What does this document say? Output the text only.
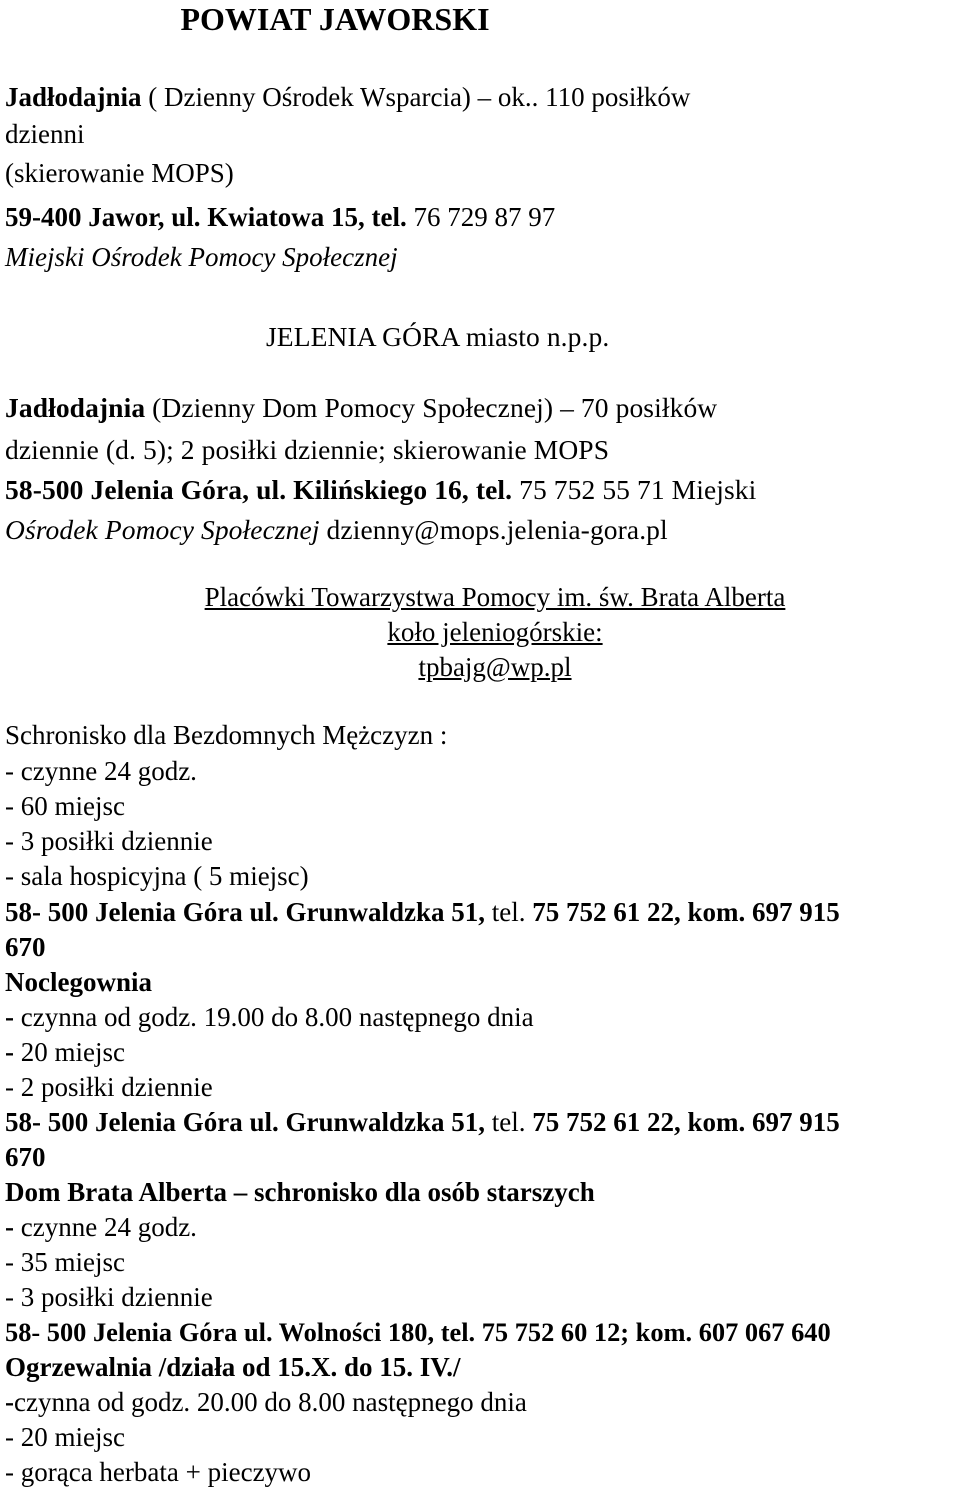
POWIAT JAWORSKI
Jadłodajnia ( Dzienny Ośrodek Wsparcia) – ok.. 110 posiłków
dzienni
(skierowanie MOPS)
59-400 Jawor, ul. Kwiatowa 15, tel. 76 729 87 97
Miejski Ośrodek Pomocy Społecznej
JELENIA GÓRA miasto n.p.p.
Jadłodajnia (Dzienny Dom Pomocy Społecznej) – 70 posiłków
dziennie (d. 5); 2 posiłki dziennie; skierowanie MOPS
58-500 Jelenia Góra, ul. Kilińskiego 16, tel. 75 752 55 71 Miejski
Ośrodek Pomocy Społecznej dzienny@mops.jelenia-gora.pl
Placówki Towarzystwa Pomocy im. św. Brata Alberta
koło jeleniogórskie:
tpbajg@wp.pl
Schronisko dla Bezdomnych Mężczyzn :
- czynne 24 godz.
- 60 miejsc
- 3 posiłki dziennie
- sala hospicyjna ( 5 miejsc)
58- 500 Jelenia Góra ul. Grunwaldzka 51, tel. 75 752 61 22, kom. 697 915
670
Noclegownia
- czynna od godz. 19.00 do 8.00 następnego dnia
- 20 miejsc
- 2 posiłki dziennie
58- 500 Jelenia Góra ul. Grunwaldzka 51, tel. 75 752 61 22, kom. 697 915
670
Dom Brata Alberta – schronisko dla osób starszych
- czynne 24 godz.
- 35 miejsc
- 3 posiłki dziennie
58- 500 Jelenia Góra ul. Wolności 180, tel. 75 752 60 12; kom. 607 067 640
Ogrzewalnia /działa od 15.X. do 15. IV./
-czynna od godz. 20.00 do 8.00 następnego dnia
- 20 miejsc
- gorąca herbata + pieczywo
